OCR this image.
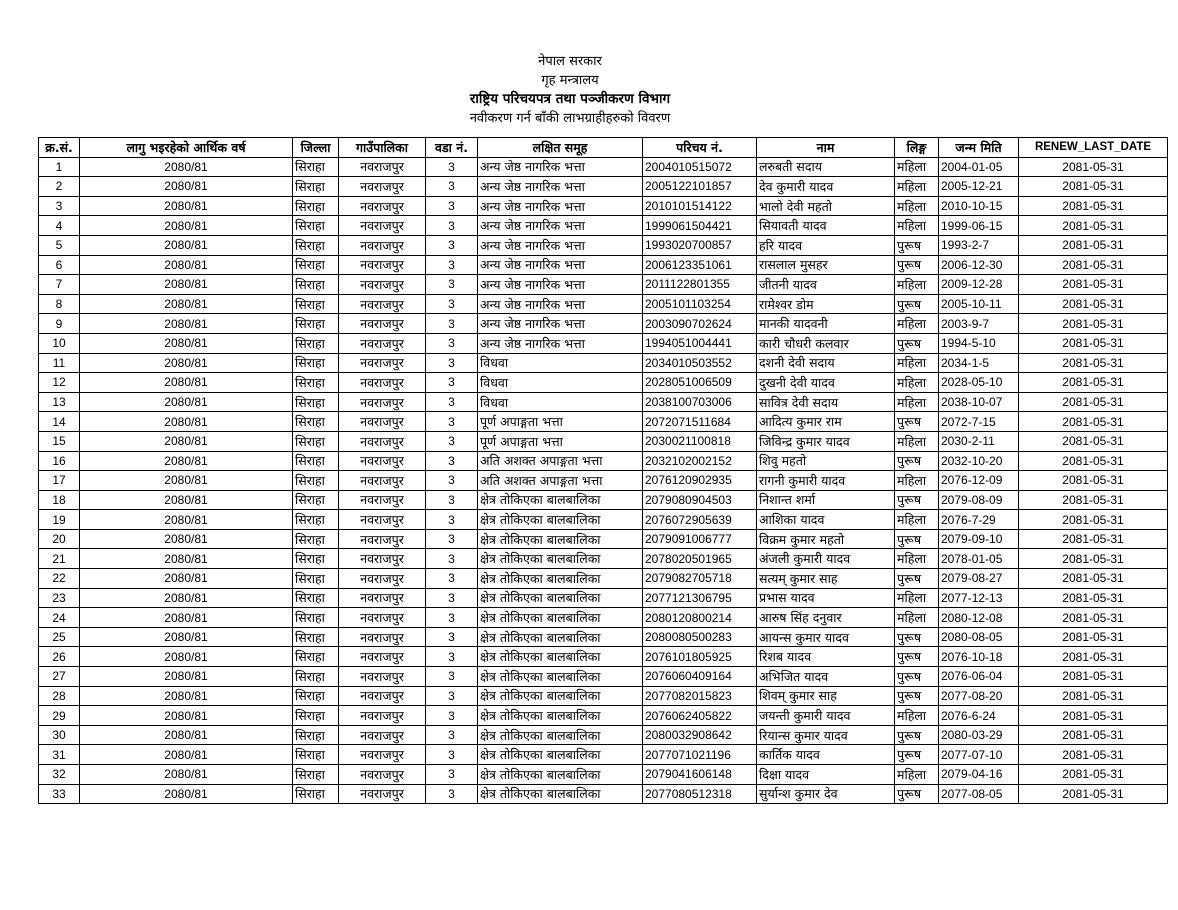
नेपाल सरकार
गृह मन्त्रालय
राष्ट्रिय परिचयपत्र तथा पञ्जीकरण विभाग
नवीकरण गर्न बाँकी लाभग्राहीहरुको विवरण
क्र.सं.	लागु भइरहेको आर्थिक वर्ष	जिल्ला	गाउँपालिका	वडा नं.	लक्षित समूह	परिचय नं.	नाम	लिङ्ग	जन्म मिति	RENEW_LAST_DATE
1	2080/81	सिराहा	नवराजपुर	3	अन्य जेष्ठ नागरिक भत्ता	2004010515072	लरुबती सदाय	महिला	2004-01-05	2081-05-31
2	2080/81	सिराहा	नवराजपुर	3	अन्य जेष्ठ नागरिक भत्ता	2005122101857	देव कुमारी यादव	महिला	2005-12-21	2081-05-31
3	2080/81	सिराहा	नवराजपुर	3	अन्य जेष्ठ नागरिक भत्ता	2010101514122	भालो देवी महतो	महिला	2010-10-15	2081-05-31
4	2080/81	सिराहा	नवराजपुर	3	अन्य जेष्ठ नागरिक भत्ता	1999061504421	सियावती यादव	महिला	1999-06-15	2081-05-31
5	2080/81	सिराहा	नवराजपुर	3	अन्य जेष्ठ नागरिक भत्ता	1993020700857	हरि यादव	पुरूष	1993-2-7	2081-05-31
6	2080/81	सिराहा	नवराजपुर	3	अन्य जेष्ठ नागरिक भत्ता	2006123351061	रासलाल मुसहर	पुरूष	2006-12-30	2081-05-31
7	2080/81	सिराहा	नवराजपुर	3	अन्य जेष्ठ नागरिक भत्ता	2011122801355	जीतनी यादव	महिला	2009-12-28	2081-05-31
8	2080/81	सिराहा	नवराजपुर	3	अन्य जेष्ठ नागरिक भत्ता	2005101103254	रामेश्वर डोम	पुरूष	2005-10-11	2081-05-31
9	2080/81	सिराहा	नवराजपुर	3	अन्य जेष्ठ नागरिक भत्ता	2003090702624	मानकी यादवनी	महिला	2003-9-7	2081-05-31
10	2080/81	सिराहा	नवराजपुर	3	अन्य जेष्ठ नागरिक भत्ता	1994051004441	कारी चौधरी कलवार	पुरूष	1994-5-10	2081-05-31
11	2080/81	सिराहा	नवराजपुर	3	विधवा	2034010503552	दशनी देवी सदाय	महिला	2034-1-5	2081-05-31
12	2080/81	सिराहा	नवराजपुर	3	विधवा	2028051006509	दुखनी देवी यादव	महिला	2028-05-10	2081-05-31
13	2080/81	सिराहा	नवराजपुर	3	विधवा	2038100703006	सावित्र देवी सदाय	महिला	2038-10-07	2081-05-31
14	2080/81	सिराहा	नवराजपुर	3	पूर्ण अपाङ्गता भत्ता	2072071511684	आदित्य कुमार राम	पुरूष	2072-7-15	2081-05-31
15	2080/81	सिराहा	नवराजपुर	3	पूर्ण अपाङ्गता भत्ता	2030021100818	जिविन्द्र कुमार यादव	महिला	2030-2-11	2081-05-31
16	2080/81	सिराहा	नवराजपुर	3	अति अशक्त अपाङ्गता भत्ता	2032102002152	शिवु महतो	पुरूष	2032-10-20	2081-05-31
17	2080/81	सिराहा	नवराजपुर	3	अति अशक्त अपाङ्गता भत्ता	2076120902935	रागनी कुमारी यादव	महिला	2076-12-09	2081-05-31
18	2080/81	सिराहा	नवराजपुर	3	क्षेत्र तोकिएका बालबालिका	2079080904503	निशान्त शर्मा	पुरूष	2079-08-09	2081-05-31
19	2080/81	सिराहा	नवराजपुर	3	क्षेत्र तोकिएका बालबालिका	2076072905639	आशिका यादव	महिला	2076-7-29	2081-05-31
20	2080/81	सिराहा	नवराजपुर	3	क्षेत्र तोकिएका बालबालिका	2079091006777	विक्रम कुमार महतो	पुरूष	2079-09-10	2081-05-31
21	2080/81	सिराहा	नवराजपुर	3	क्षेत्र तोकिएका बालबालिका	2078020501965	अंजली कुमारी यादव	महिला	2078-01-05	2081-05-31
22	2080/81	सिराहा	नवराजपुर	3	क्षेत्र तोकिएका बालबालिका	2079082705718	सत्यम् कुमार साह	पुरूष	2079-08-27	2081-05-31
23	2080/81	सिराहा	नवराजपुर	3	क्षेत्र तोकिएका बालबालिका	2077121306795	प्रभास यादव	महिला	2077-12-13	2081-05-31
24	2080/81	सिराहा	नवराजपुर	3	क्षेत्र तोकिएका बालबालिका	2080120800214	आरुष सिंह दनुवार	महिला	2080-12-08	2081-05-31
25	2080/81	सिराहा	नवराजपुर	3	क्षेत्र तोकिएका बालबालिका	2080080500283	आयन्स कुमार यादव	पुरूष	2080-08-05	2081-05-31
26	2080/81	सिराहा	नवराजपुर	3	क्षेत्र तोकिएका बालबालिका	2076101805925	रिशब यादव	पुरूष	2076-10-18	2081-05-31
27	2080/81	सिराहा	नवराजपुर	3	क्षेत्र तोकिएका बालबालिका	2076060409164	अभिजित यादव	पुरूष	2076-06-04	2081-05-31
28	2080/81	सिराहा	नवराजपुर	3	क्षेत्र तोकिएका बालबालिका	2077082015823	शिवम् कुमार साह	पुरूष	2077-08-20	2081-05-31
29	2080/81	सिराहा	नवराजपुर	3	क्षेत्र तोकिएका बालबालिका	2076062405822	जयन्ती कुमारी यादव	महिला	2076-6-24	2081-05-31
30	2080/81	सिराहा	नवराजपुर	3	क्षेत्र तोकिएका बालबालिका	2080032908642	रियान्स कुमार यादव	पुरूष	2080-03-29	2081-05-31
31	2080/81	सिराहा	नवराजपुर	3	क्षेत्र तोकिएका बालबालिका	2077071021196	कार्तिक यादव	पुरूष	2077-07-10	2081-05-31
32	2080/81	सिराहा	नवराजपुर	3	क्षेत्र तोकिएका बालबालिका	2079041606148	दिक्षा यादव	महिला	2079-04-16	2081-05-31
33	2080/81	सिराहा	नवराजपुर	3	क्षेत्र तोकिएका बालबालिका	2077080512318	सुर्यान्श कुमार देव	पुरूष	2077-08-05	2081-05-31
